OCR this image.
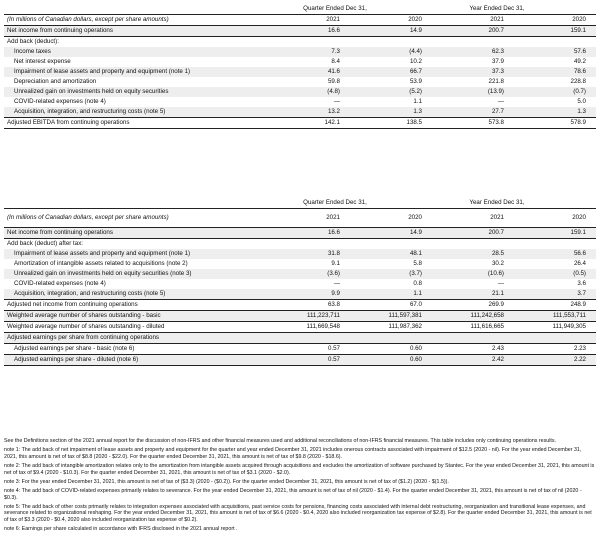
Quarter Ended Dec 31,	Year Ended Dec 31,
(In millions of Canadian dollars, except per share amounts)	2021	2020	2021	2020
Net income from continuing operations	16.6	14.9	200.7	159.1
Add back (deduct):
Income taxes	7.3	(4.4)	62.3	57.6
Net interest expense	8.4	10.2	37.9	49.2
Impairment of lease assets and property and equipment (note 1)	41.6	66.7	37.3	78.6
Depreciation and amortization	59.8	53.9	221.8	228.8
Unrealized gain on investments held on equity securities	(4.8)	(5.2)	(13.9)	(0.7)
COVID-related expenses (note 4)	—	1.1	—	5.0
Acquisition, integration, and restructuring costs (note 5)	13.2	1.3	27.7	1.3
Adjusted EBITDA from continuing operations	142.1	138.5	573.8	578.9
Quarter Ended Dec 31,	Year Ended Dec 31,
(In millions of Canadian dollars, except per share amounts)	2021	2020	2021	2020
Net income from continuing operations	16.6	14.9	200.7	159.1
Add back (deduct) after tax:
Impairment of lease assets and property and equipment (note 1)	31.8	48.1	28.5	56.6
Amortization of intangible assets related to acquisitions (note 2)	9.1	5.8	30.2	26.4
Unrealized gain on investments held on equity securities (note 3)	(3.6)	(3.7)	(10.6)	(0.5)
COVID-related expenses (note 4)	—	0.8	—	3.6
Acquisition, integration, and restructuring costs (note 5)	9.9	1.1	21.1	3.7
Adjusted net income from continuing operations	63.8	67.0	269.9	248.9
Weighted average number of shares outstanding - basic	111,223,711	111,597,381	111,242,658	111,553,711
Weighted average number of shares outstanding - diluted	111,669,548	111,987,362	111,616,665	111,949,305
Adjusted earnings per share from continuing operations
Adjusted earnings per share - basic (note 6)	0.57	0.60	2.43	2.23
Adjusted earnings per share - diluted (note 6)	0.57	0.60	2.42	2.22

See the Definitions section of the 2021 annual report for the discussion of non-IFRS and other financial measures used and additional reconciliations of non-IFRS financial measures. This table includes only continuing operations results.

note 1: The add back of net impairment of lease assets and property and equipment for the quarter and year ended December 31, 2021 includes onerous contracts associated with impairment of $12.5 (2020 - nil). For the year ended December 31, 2021, this amount is net of tax of $8.8 (2020 - $22.0). For the quarter ended December 31, 2021, this amount is net of tax of $9.8 (2020 - $18.6).

note 2: The add back of intangible amortization relates only to the amortization from intangible assets acquired through acquisitions and excludes the amortization of software purchased by Stantec. For the year ended December 31, 2021, this amount is net of tax of $9.4 (2020 - $10.3). For the quarter ended December 31, 2021, this amount is net of tax of $3.1 (2020 - $2.0).

note 3: For the year ended December 31, 2021, this amount is net of tax of ($3.3) (2020 - ($0.2)). For the quarter ended December 31, 2021, this amount is net of tax of ($1.2) (2020 - $(1.5)).

note 4: The add back of COVID-related expenses primarily relates to severance. For the year ended December 31, 2021, this amount is net of tax of nil (2020 - $1.4). For the quarter ended December 31, 2021, this amount is net of tax of nil (2020 - $0.3).

note 5: The add back of other costs primarily relates to integration expenses associated with acquisitions, past service costs for pensions, financing costs associated with internal debt restructuring, reorganization and transitional lease expenses, and severance related to organizational reshaping. For the year ended December 31, 2021, this amount is net of tax of $6.6 (2020 - $0.4, 2020 also included reorganization tax expense of $2.8). For the quarter ended December 31, 2021, this amount is net of tax of $3.3 (2020 - $0.4, 2020 also included reorganization tax expense of $0.2).

note 6: Earnings per share calculated in accordance with IFRS disclosed in the 2021 annual report .
